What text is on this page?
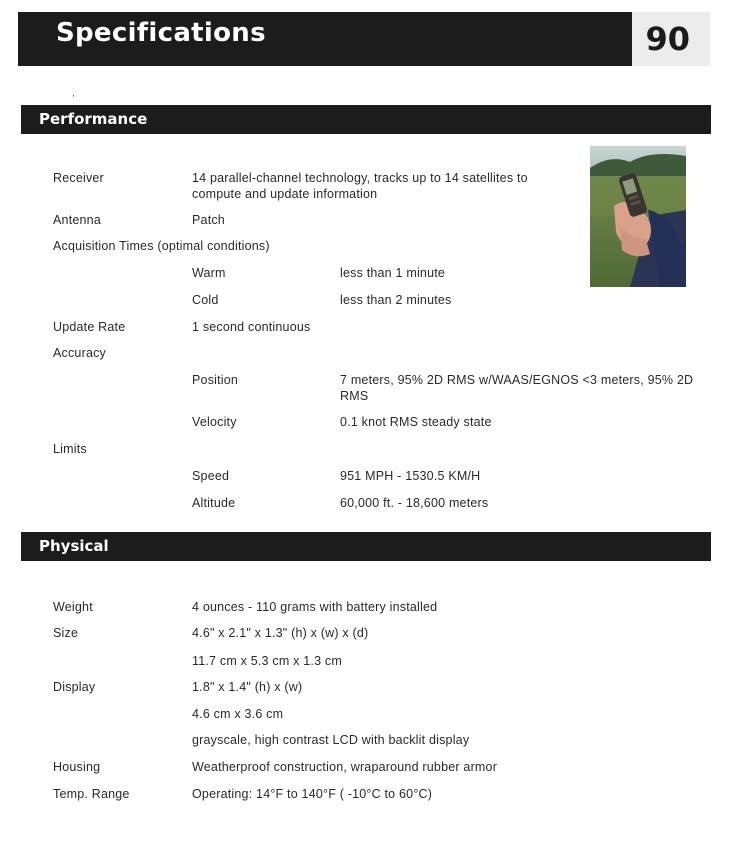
Specifications	90
,
Performance
Receiver	14 parallel-channel technology, tracks up to 14 satellites to compute and update information
Antenna	Patch
Acquisition Times (optimal conditions)
Warm	less than 1 minute
Cold	less than 2 minutes
Update Rate	1 second continuous
Accuracy
Position	7 meters, 95% 2D RMS w/WAAS/EGNOS <3 meters, 95% 2D RMS
Velocity	0.1 knot RMS steady state
Limits
Speed	951 MPH - 1530.5 KM/H
Altitude	60,000 ft. - 18,600 meters
Physical
Weight	4 ounces - 110 grams with battery installed
Size	4.6" x 2.1" x 1.3" (h) x (w) x (d)
11.7 cm x 5.3 cm x 1.3 cm
Display	1.8" x 1.4" (h) x (w)
4.6 cm x 3.6 cm
grayscale, high contrast LCD with backlit display
Housing	Weatherproof construction, wraparound rubber armor
Temp. Range	Operating: 14°F to 140°F ( -10°C to 60°C)
